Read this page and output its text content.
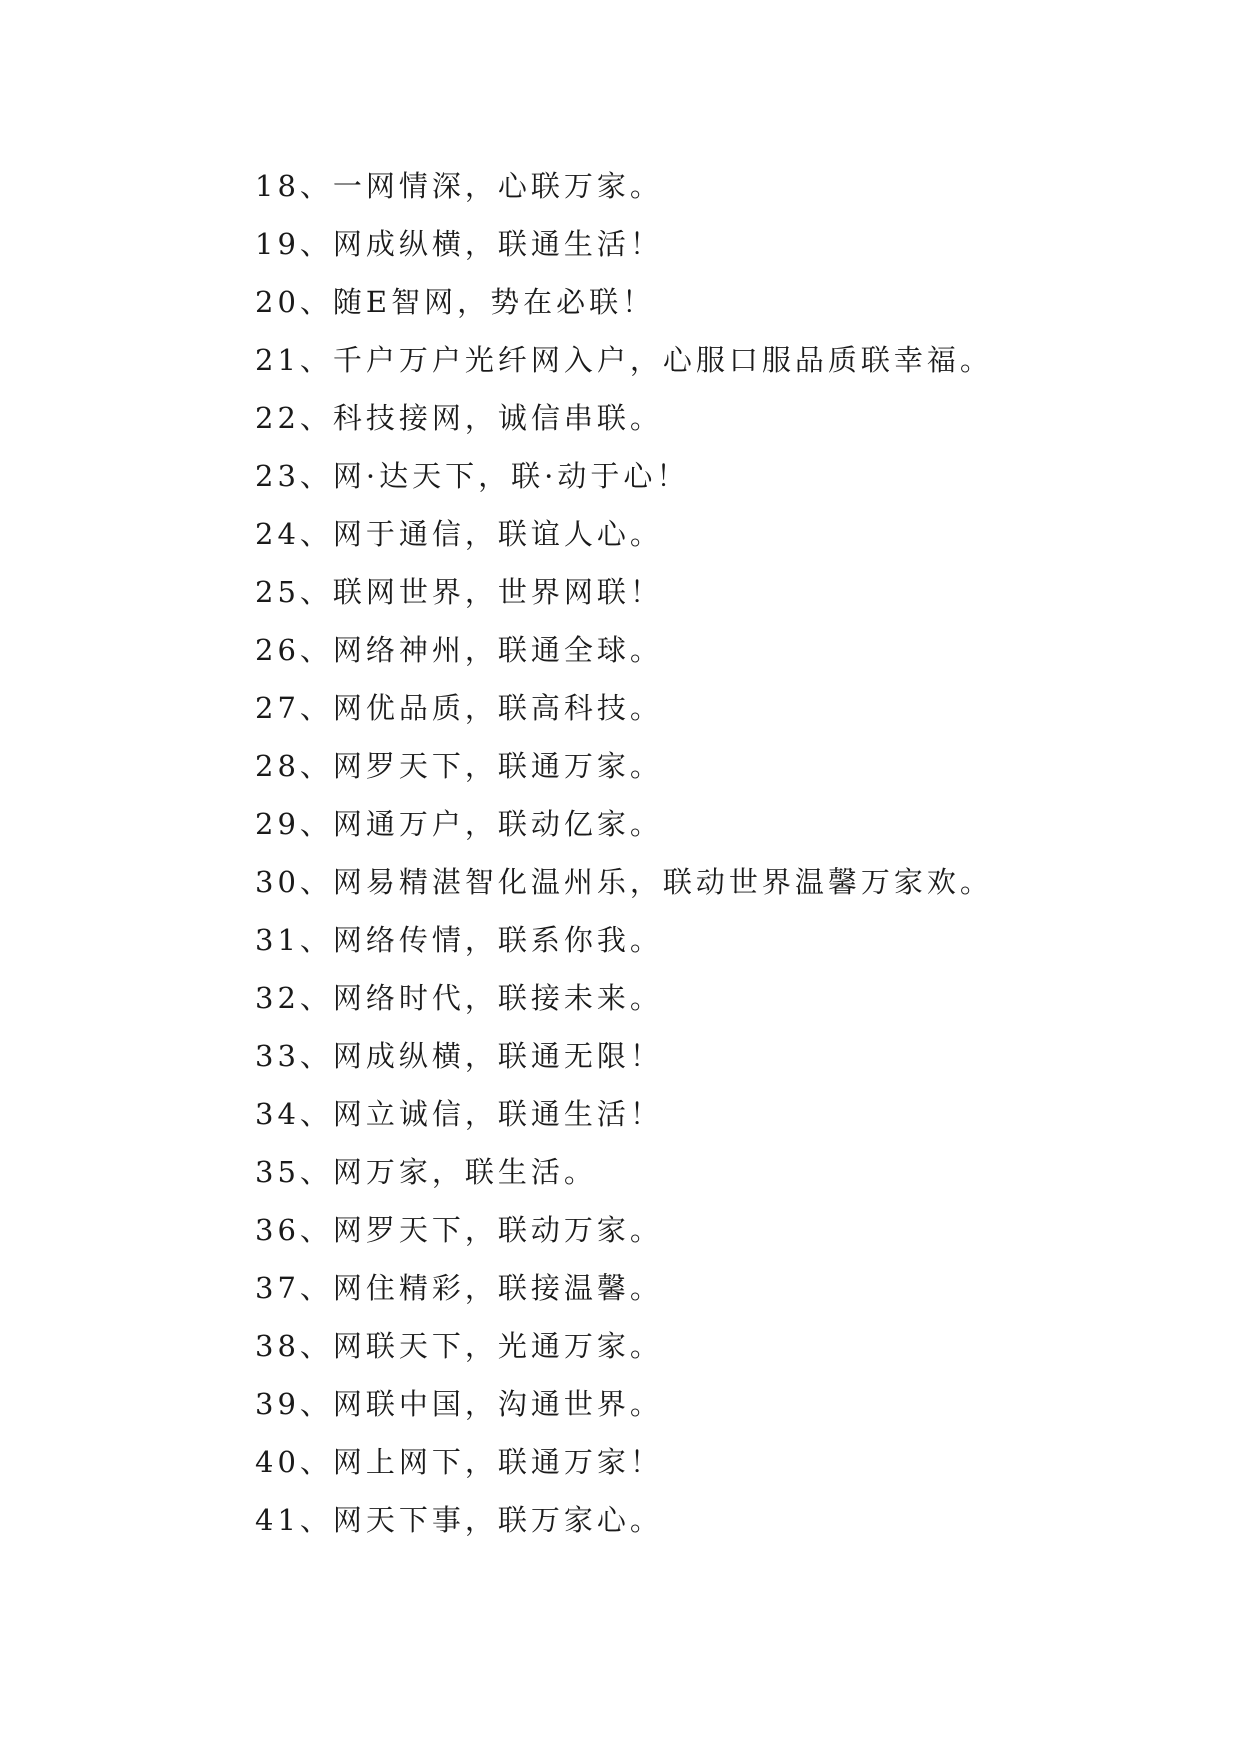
18、一网情深，心联万家。
19、网成纵横，联通生活！
20、随E智网，势在必联！
21、千户万户光纤网入户，心服口服品质联幸福。
22、科技接网，诚信串联。
23、网·达天下，联·动于心！
24、网于通信，联谊人心。
25、联网世界，世界网联！
26、网络神州，联通全球。
27、网优品质，联高科技。
28、网罗天下，联通万家。
29、网通万户，联动亿家。
30、网易精湛智化温州乐，联动世界温馨万家欢。
31、网络传情，联系你我。
32、网络时代，联接未来。
33、网成纵横，联通无限！
34、网立诚信，联通生活！
35、网万家，联生活。
36、网罗天下，联动万家。
37、网住精彩，联接温馨。
38、网联天下，光通万家。
39、网联中国，沟通世界。
40、网上网下，联通万家！
41、网天下事，联万家心。
